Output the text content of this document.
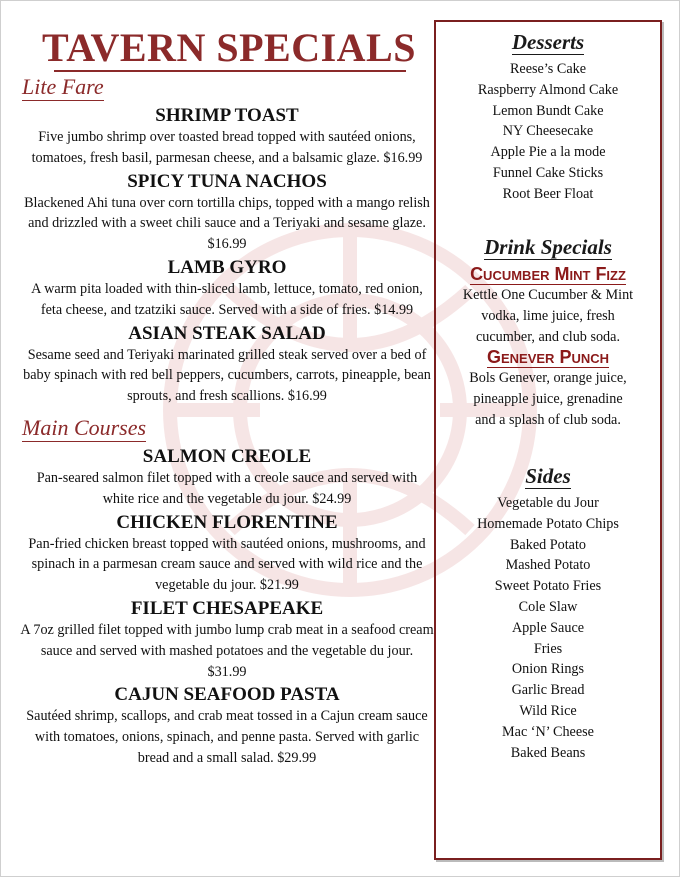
TAVERN SPECIALS
Lite Fare
SHRIMP TOAST
Five jumbo shrimp over toasted bread topped with sautéed onions, tomatoes, fresh basil, parmesan cheese, and a balsamic glaze. $16.99
SPICY TUNA NACHOS
Blackened Ahi tuna over corn tortilla chips, topped with a mango relish and drizzled with a sweet chili sauce and a Teriyaki and sesame glaze. $16.99
LAMB GYRO
A warm pita loaded with thin-sliced lamb, lettuce, tomato, red onion, feta cheese, and tzatziki sauce. Served with a side of fries. $14.99
ASIAN STEAK SALAD
Sesame seed and Teriyaki marinated grilled steak served over a bed of baby spinach with red bell peppers, cucumbers, carrots, pineapple, bean sprouts, and fresh scallions. $16.99
Main Courses
SALMON CREOLE
Pan-seared salmon filet topped with a creole sauce and served with white rice and the vegetable du jour. $24.99
CHICKEN FLORENTINE
Pan-fried chicken breast topped with sautéed onions, mushrooms, and spinach in a parmesan cream sauce and served with wild rice and the vegetable du jour. $21.99
FILET CHESAPEAKE
A 7oz grilled filet topped with jumbo lump crab meat in a seafood cream sauce and served with mashed potatoes and the vegetable du jour. $31.99
CAJUN SEAFOOD PASTA
Sautéed shrimp, scallops, and crab meat tossed in a Cajun cream sauce with tomatoes, onions, spinach, and penne pasta. Served with garlic bread and a small salad. $29.99
Desserts
Reese’s Cake
Raspberry Almond Cake
Lemon Bundt Cake
NY Cheesecake
Apple Pie a la mode
Funnel Cake Sticks
Root Beer Float
Drink Specials
Cucumber Mint Fizz
Kettle One Cucumber & Mint
vodka, lime juice, fresh
cucumber, and club soda.
Genever Punch
Bols Genever, orange juice,
pineapple juice, grenadine
and a splash of club soda.
Sides
Vegetable du Jour
Homemade Potato Chips
Baked Potato
Mashed Potato
Sweet Potato Fries
Cole Slaw
Apple Sauce
Fries
Onion Rings
Garlic Bread
Wild Rice
Mac ‘N’ Cheese
Baked Beans
